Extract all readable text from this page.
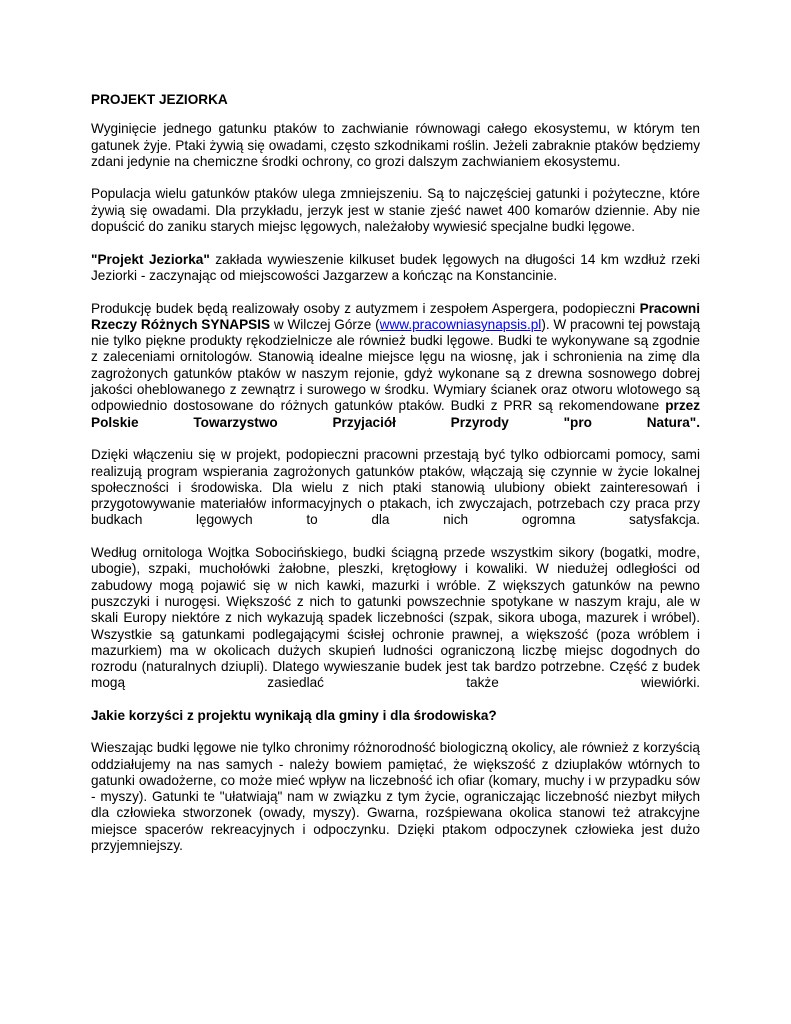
PROJEKT JEZIORKA

Wyginięcie jednego gatunku ptaków to zachwianie równowagi całego ekosystemu, w którym ten gatunek żyje. Ptaki żywią się owadami, często szkodnikami roślin. Jeżeli zabraknie ptaków będziemy zdani jedynie na chemiczne środki ochrony, co grozi dalszym zachwianiem ekosystemu.

Populacja wielu gatunków ptaków ulega zmniejszeniu. Są to najczęściej gatunki i pożyteczne, które żywią się owadami. Dla przykładu, jerzyk jest w stanie zjeść nawet 400 komarów dziennie. Aby nie dopuścić do zaniku starych miejsc lęgowych, należałoby wywiesić specjalne budki lęgowe.

"Projekt Jeziorka" zakłada wywieszenie kilkuset budek lęgowych na długości 14 km wzdłuż rzeki Jeziorki - zaczynając od miejscowości Jazgarzew a kończąc na Konstancinie.

Produkcję budek będą realizowały osoby z autyzmem i zespołem Aspergera, podopieczni Pracowni Rzeczy Różnych SYNAPSIS w Wilczej Górze (www.pracowniasynapsis.pl). W pracowni tej powstają nie tylko piękne produkty rękodzielnicze ale również budki lęgowe. Budki te wykonywane są zgodnie z zaleceniami ornitologów. Stanowią idealne miejsce lęgu na wiosnę, jak i schronienia na zimę dla zagrożonych gatunków ptaków w naszym rejonie, gdyż wykonane są z drewna sosnowego dobrej jakości oheblowanego z zewnątrz i surowego w środku. Wymiary ścianek oraz otworu wlotowego są odpowiednio dostosowane do różnych gatunków ptaków. Budki z PRR są rekomendowane przez Polskie Towarzystwo Przyjaciół Przyrody "pro Natura".

Dzięki włączeniu się w projekt, podopieczni pracowni przestają być tylko odbiorcami pomocy, sami realizują program wspierania zagrożonych gatunków ptaków, włączają się czynnie w życie lokalnej społeczności i środowiska. Dla wielu z nich ptaki stanowią ulubiony obiekt zainteresowań i przygotowywanie materiałów informacyjnych o ptakach, ich zwyczajach, potrzebach czy praca przy budkach lęgowych to dla nich ogromna satysfakcja.

Według ornitologa Wojtka Sobocińskiego, budki ściągną przede wszystkim sikory (bogatki, modre, ubogie), szpaki, muchołówki żałobne, pleszki, krętogłowy i kowaliki. W niedużej odległości od zabudowy mogą pojawić się w nich kawki, mazurki i wróble. Z większych gatunków na pewno puszczyki i nurogęsi. Większość z nich to gatunki powszechnie spotykane w naszym kraju, ale w skali Europy niektóre z nich wykazują spadek liczebności (szpak, sikora uboga, mazurek i wróbel). Wszystkie są gatunkami podlegającymi ścisłej ochronie prawnej, a większość (poza wróblem i mazurkiem) ma w okolicach dużych skupień ludności ograniczoną liczbę miejsc dogodnych do rozrodu (naturalnych dziupli). Dlatego wywieszanie budek jest tak bardzo potrzebne. Część z budek mogą zasiedlać także wiewiórki.

Jakie korzyści z projektu wynikają dla gminy i dla środowiska?

Wieszając budki lęgowe nie tylko chronimy różnorodność biologiczną okolicy, ale również z korzyścią oddziałujemy na nas samych - należy bowiem pamiętać, że większość z dziuplaków wtórnych to gatunki owadożerne, co może mieć wpływ na liczebność ich ofiar (komary, muchy i w przypadku sów - myszy). Gatunki te "ułatwiają" nam w związku z tym życie, ograniczając liczebność niezbyt miłych dla człowieka stworzonek (owady, myszy). Gwarna, rozśpiewana okolica stanowi też atrakcyjne miejsce spacerów rekreacyjnych i odpoczynku. Dzięki ptakom odpoczynek człowieka jest dużo przyjemniejszy.
